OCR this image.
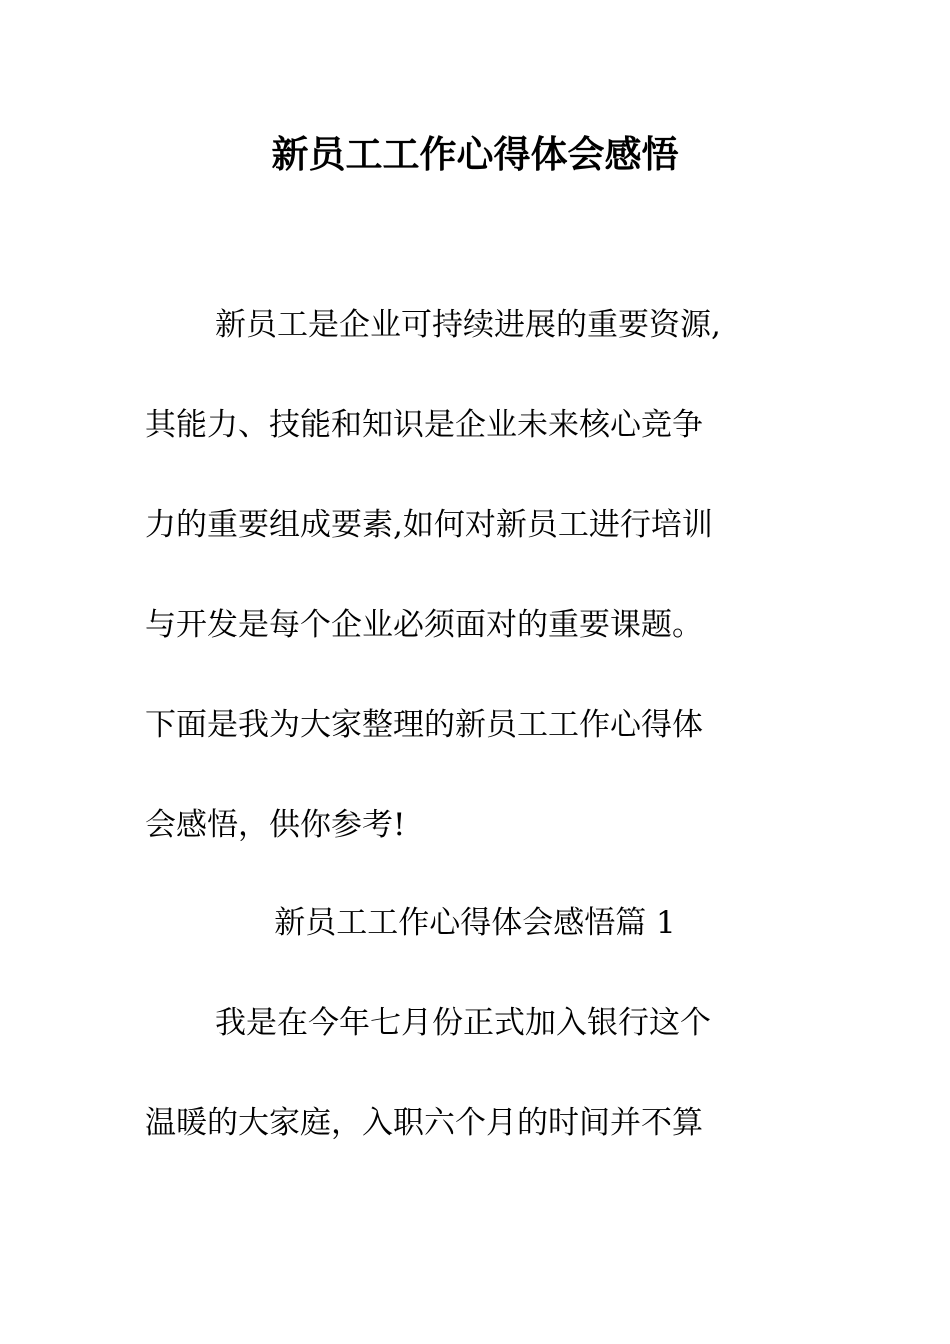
新员工工作心得体会感悟
新员工是企业可持续进展的重要资源,
其能力、技能和知识是企业未来核心竞争
力的重要组成要素,如何对新员工进行培训
与开发是每个企业必须面对的重要课题。
下面是我为大家整理的新员工工作心得体
会感悟，供你参考!
新员工工作心得体会感悟篇 1
我是在今年七月份正式加入银行这个
温暖的大家庭，入职六个月的时间并不算
